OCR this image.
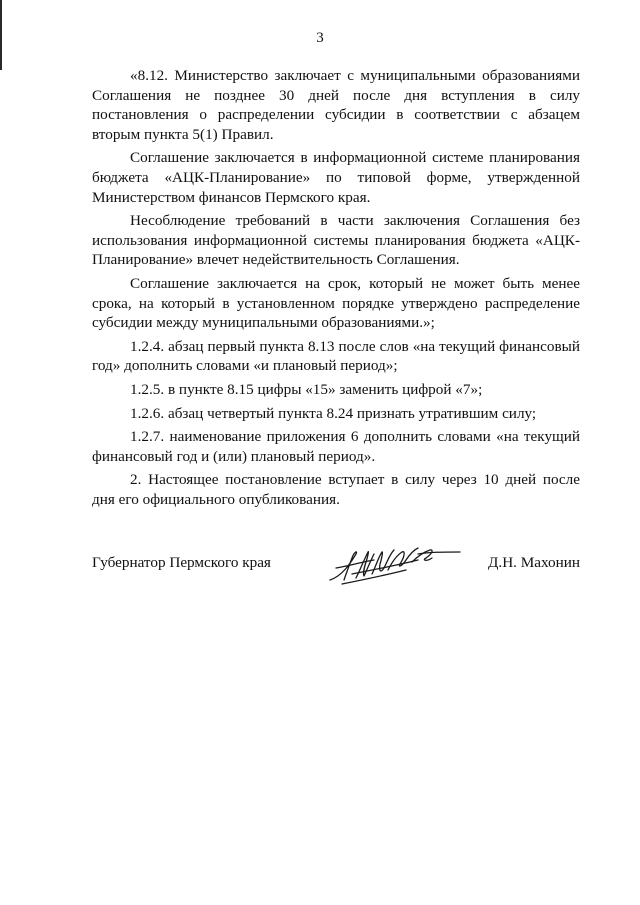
3

«8.12. Министерство заключает с муниципальными образованиями Соглашения не позднее 30 дней после дня вступления в силу постановления о распределении субсидии в соответствии с абзацем вторым пункта 5(1) Правил.

Соглашение заключается в информационной системе планирования бюджета «АЦК-Планирование» по типовой форме, утвержденной Министерством финансов Пермского края.

Несоблюдение требований в части заключения Соглашения без использования информационной системы планирования бюджета «АЦК-Планирование» влечет недействительность Соглашения.

Соглашение заключается на срок, который не может быть менее срока, на который в установленном порядке утверждено распределение субсидии между муниципальными образованиями.»;

1.2.4. абзац первый пункта 8.13 после слов «на текущий финансовый год» дополнить словами «и плановый период»;

1.2.5. в пункте 8.15 цифры «15» заменить цифрой «7»;

1.2.6. абзац четвертый пункта 8.24 признать утратившим силу;

1.2.7. наименование приложения 6 дополнить словами «на текущий финансовый год и (или) плановый период».

2. Настоящее постановление вступает в силу через 10 дней после дня его официального опубликования.

Губернатор Пермского края	Д.Н. Махонин
